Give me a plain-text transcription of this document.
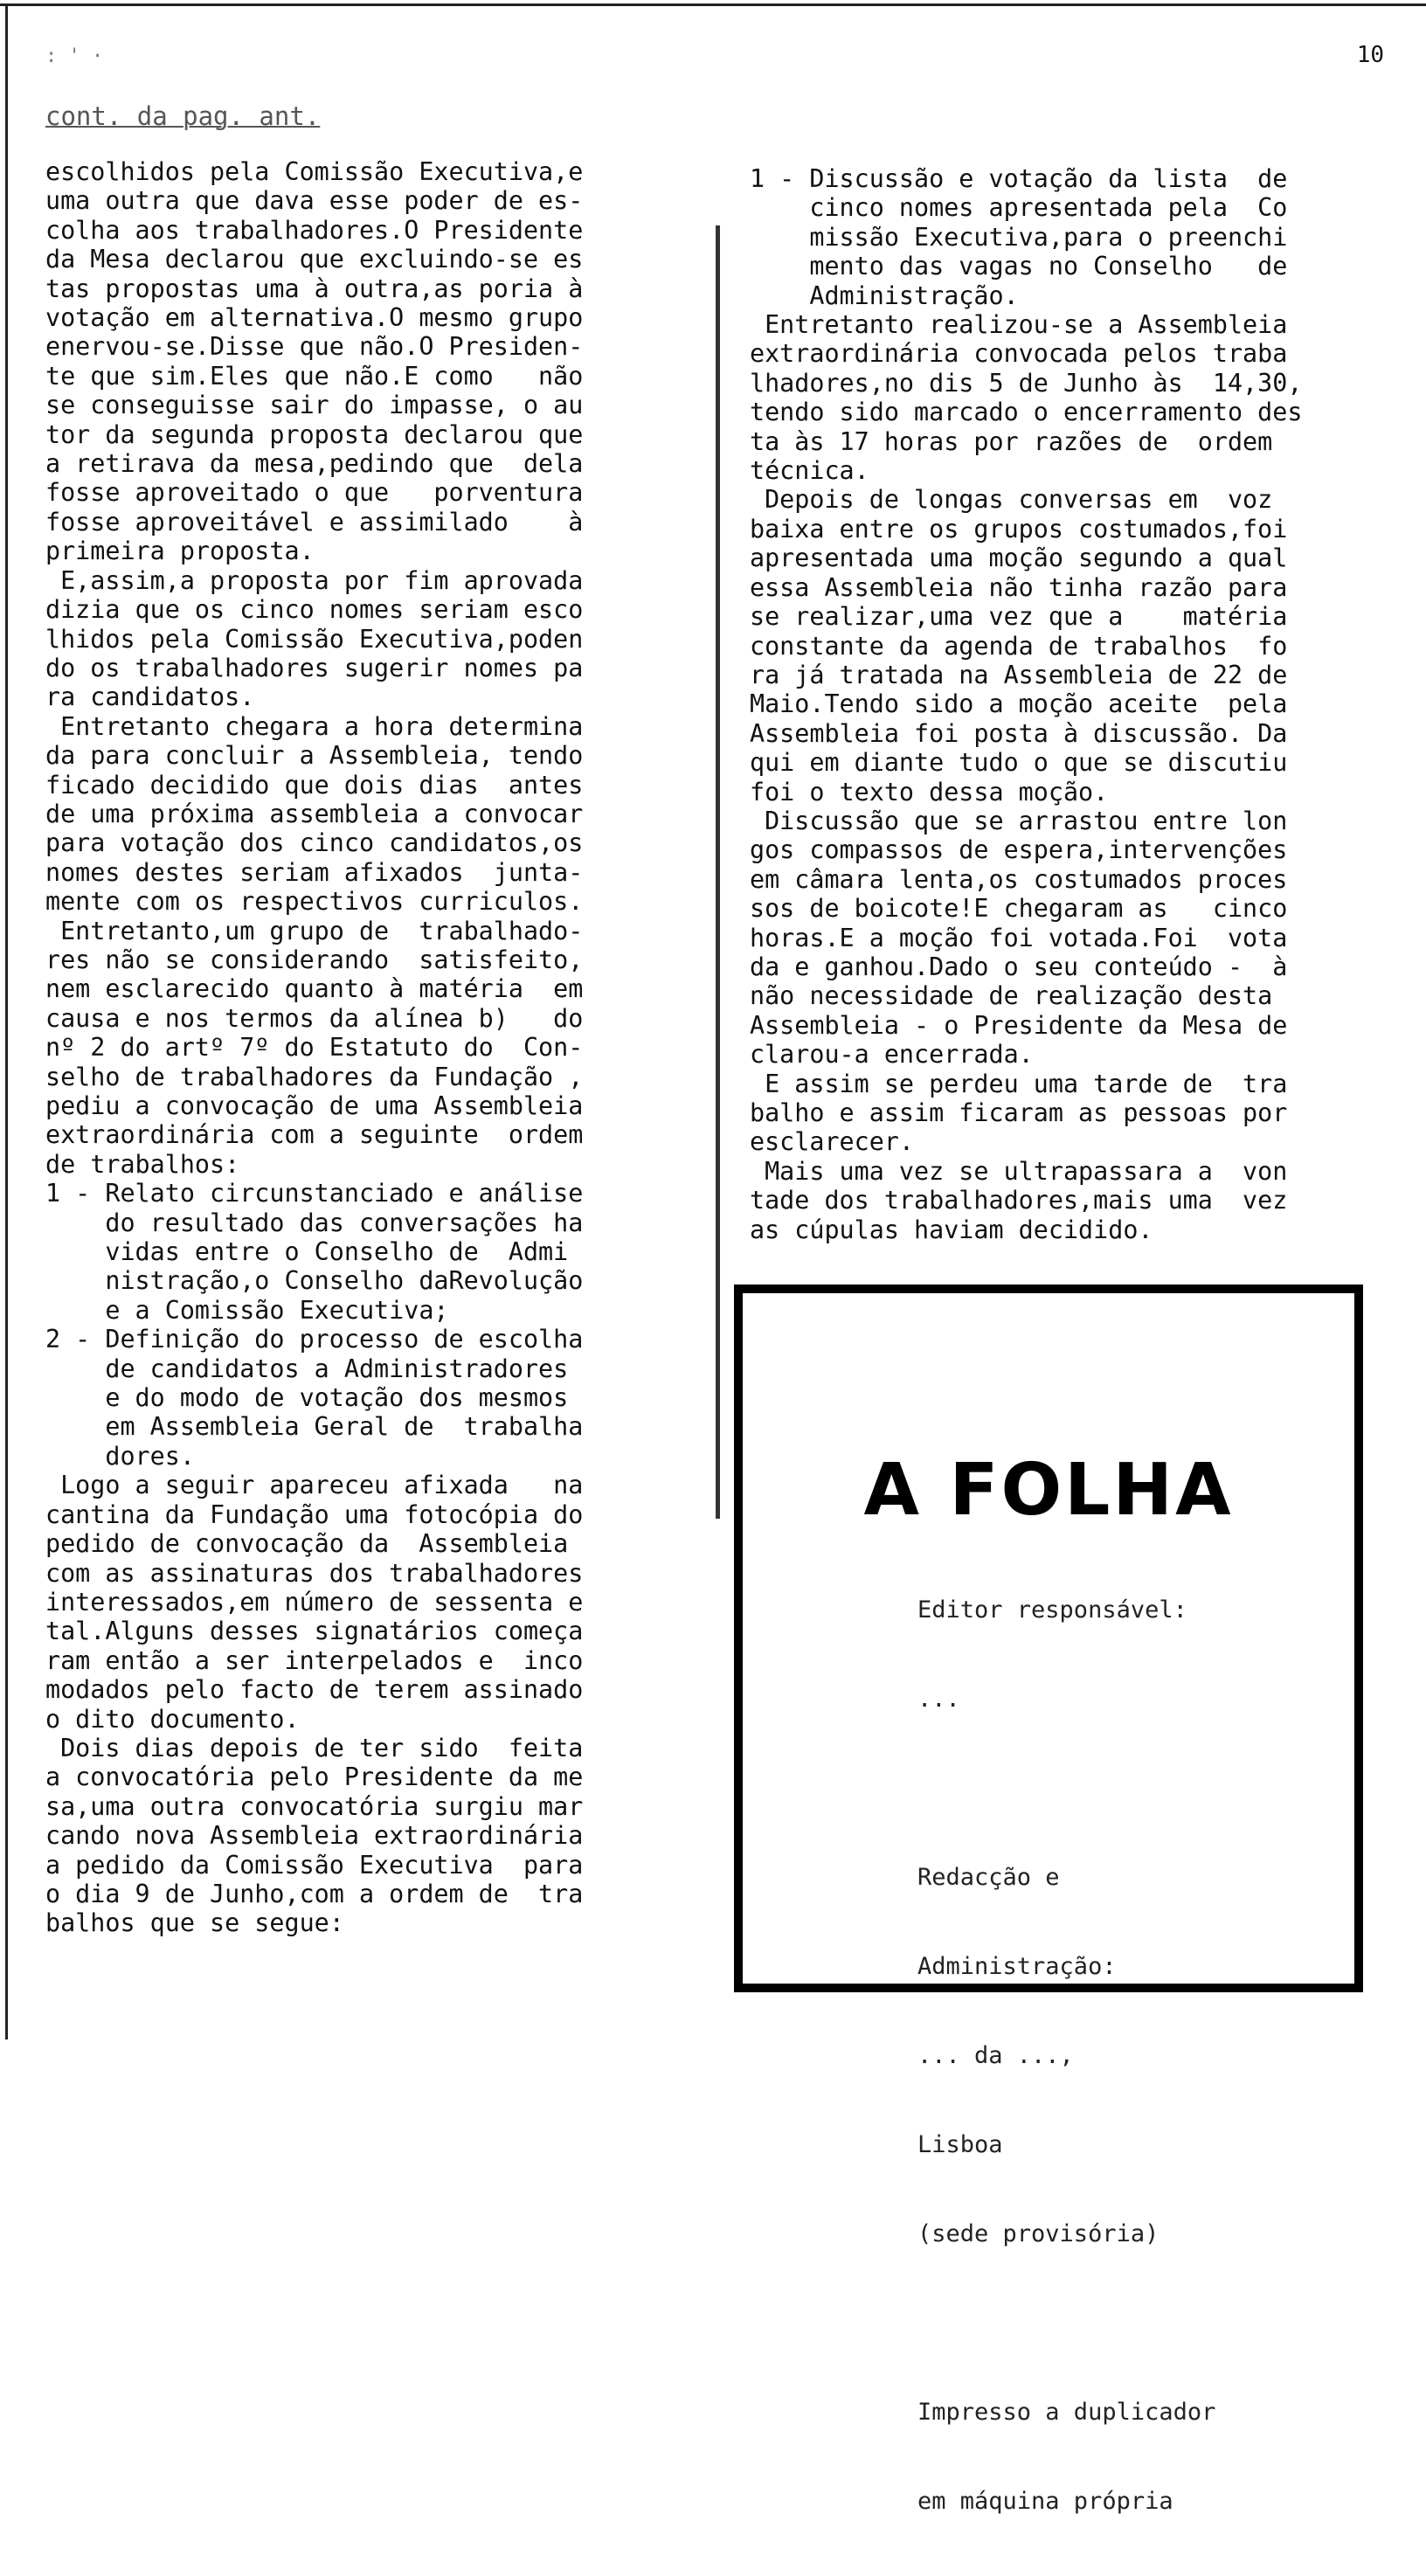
: ' ·	10
cont. da pag. ant.

escolhidos pela Comissão Executiva,e

uma outra que dava esse poder de es-

colha aos trabalhadores.O Presidente

da Mesa declarou que excluindo-se es

tas propostas uma à outra,as poria à

votação em alternativa.O mesmo grupo

enervou-se.Disse que não.O Presiden-

te que sim.Eles que não.E como   não

se conseguisse sair do impasse, o au

tor da segunda proposta declarou que

a retirava da mesa,pedindo que  dela

fosse aproveitado o que   porventura

fosse aproveitável e assimilado    à

primeira proposta.

E,assim,a proposta por fim aprovada

dizia que os cinco nomes seriam esco

lhidos pela Comissão Executiva,poden

do os trabalhadores sugerir nomes pa

ra candidatos.

Entretanto chegara a hora determina

da para concluir a Assembleia, tendo

ficado decidido que dois dias  antes

de uma próxima assembleia a convocar

para votação dos cinco candidatos,os

nomes destes seriam afixados  junta-

mente com os respectivos curriculos.

Entretanto,um grupo de  trabalhado-

res não se considerando  satisfeito,

nem esclarecido quanto à matéria  em

causa e nos termos da alínea b)   do

nº 2 do artº 7º do Estatuto do  Con-

selho de trabalhadores da Fundação ,

pediu a convocação de uma Assembleia

extraordinária com a seguinte  ordem

de trabalhos:

1 - Relato circunstanciado e análise

do resultado das conversações ha

vidas entre o Conselho de  Admi

nistração,o Conselho daRevolução

e a Comissão Executiva;

2 - Definição do processo de escolha

de candidatos a Administradores

e do modo de votação dos mesmos

em Assembleia Geral de  trabalha

dores.

Logo a seguir apareceu afixada   na

cantina da Fundação uma fotocópia do

pedido de convocação da  Assembleia

com as assinaturas dos trabalhadores

interessados,em número de sessenta e

tal.Alguns desses signatários começa

ram então a ser interpelados e  inco

modados pelo facto de terem assinado

o dito documento.

Dois dias depois de ter sido  feita

a convocatória pelo Presidente da me

sa,uma outra convocatória surgiu mar

cando nova Assembleia extraordinária

a pedido da Comissão Executiva  para

o dia 9 de Junho,com a ordem de  tra

balhos que se segue:

1 - Discussão e votação da lista  de

cinco nomes apresentada pela  Co

missão Executiva,para o preenchi

mento das vagas no Conselho   de

Administração.

Entretanto realizou-se a Assembleia

extraordinária convocada pelos traba

lhadores,no dis 5 de Junho às  14,30,

tendo sido marcado o encerramento des

ta às 17 horas por razões de  ordem

técnica.

Depois de longas conversas em  voz

baixa entre os grupos costumados,foi

apresentada uma moção segundo a qual

essa Assembleia não tinha razão para

se realizar,uma vez que a    matéria

constante da agenda de trabalhos  fo

ra já tratada na Assembleia de 22 de

Maio.Tendo sido a moção aceite  pela

Assembleia foi posta à discussão. Da

qui em diante tudo o que se discutiu

foi o texto dessa moção.

Discussão que se arrastou entre lon

gos compassos de espera,intervenções

em câmara lenta,os costumados proces

sos de boicote!E chegaram as   cinco

horas.E a moção foi votada.Foi  vota

da e ganhou.Dado o seu conteúdo -  à

não necessidade de realização desta

Assembleia - o Presidente da Mesa de

clarou-a encerrada.

E assim se perdeu uma tarde de  tra

balho e assim ficaram as pessoas por

esclarecer.

Mais uma vez se ultrapassara a  von

tade dos trabalhadores,mais uma  vez

as cúpulas haviam decidido.

A FOLHA

Editor responsável:

...

Redacção e

Administração:

... da ...,

Lisboa

(sede provisória)

Impresso a duplicador

em máquina própria
